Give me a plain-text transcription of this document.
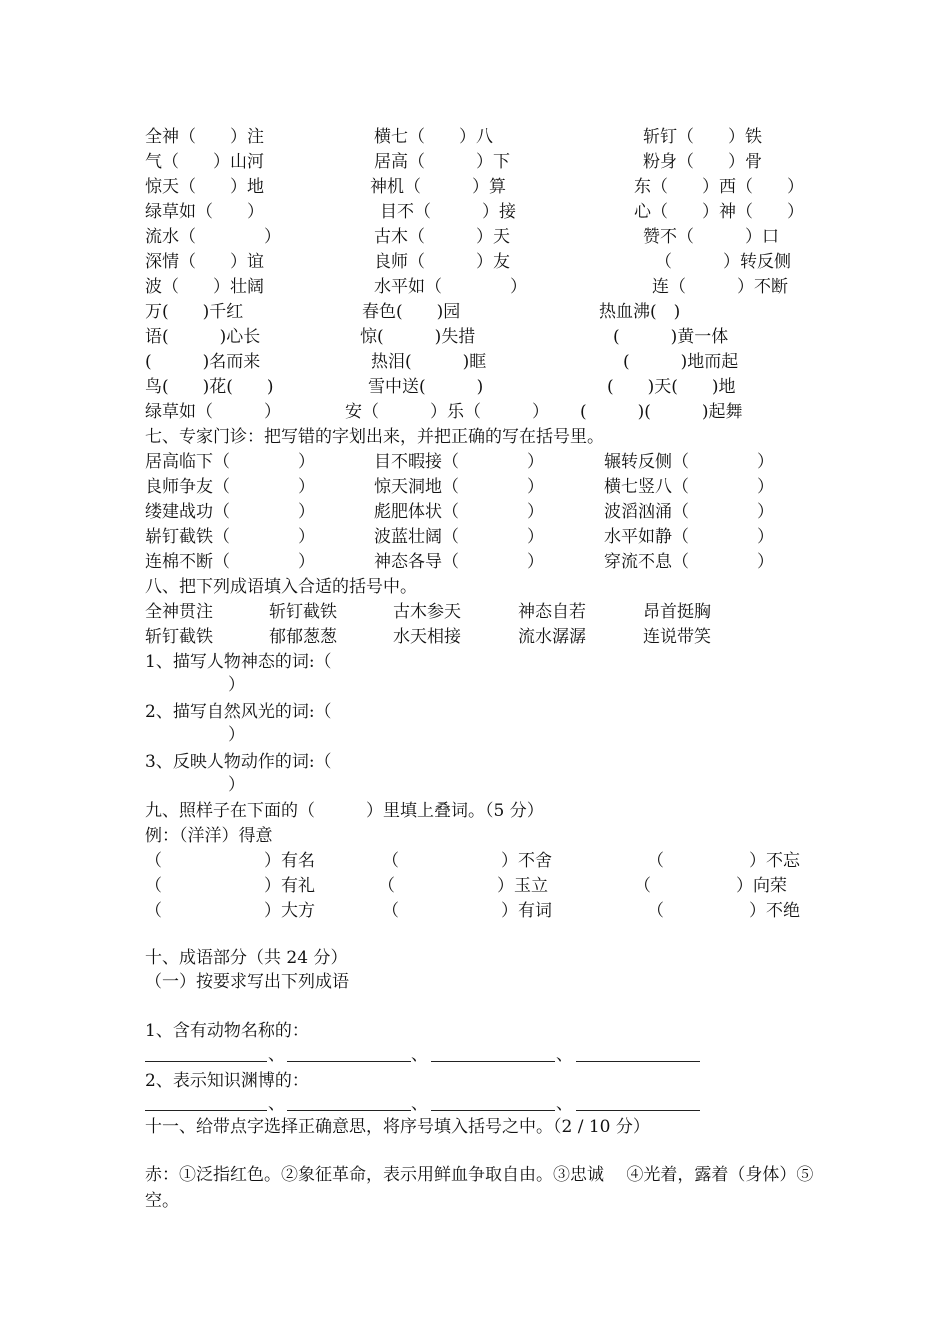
全神（　　）注	横七（　　）八	斩钉（　　）铁
气（　　）山河	居高（　　　）下	粉身（　　）骨
惊天（　　）地	神机（　　　）算	东（　　）西（　　）
绿草如（　　）	目不（　　　）接	心（　　）神（　　）
流水（　　　　）	古木（　　　）天	赞不（　　　）口
深情（　　）谊	良师（　　　）友	（　　　）转反侧
波（　　）壮阔	水平如（　　　　）	连（　　　）不断
万(　　)千红	春色(　　)园	热血沸(　)
语(　　　)心长	惊(　　　)失措	(　　　)黄一体
(　　　)名而来	热泪(　　　)眶	(　　　)地而起
鸟(　　)花(　　)	雪中送(　　　)	(　　)天(　　)地
绿草如（　　　）	安（　　　）乐（　　　） (　　　)(　　　)起舞
七、专家门诊：把写错的字划出来，并把正确的写在括号里。
居高临下（　　　　）	目不暇接（　　　　）	辗转反侧（　　　　）
良师争友（　　　　）	惊天洞地（　　　　）	横七竖八（　　　　）
缕建战功（　　　　）	彪肥体状（　　　　）	波滔汹涌（　　　　）
崭钉截铁（　　　　）	波蓝壮阔（　　　　）	水平如静（　　　　）
连棉不断（　　　　）	神态各导（　　　　）	穿流不息（　　　　）
八、把下列成语填入合适的括号中。
全神贯注	斩钉截铁	古木参天	神态自若	昂首挺胸
斩钉截铁	郁郁葱葱	水天相接	流水潺潺	连说带笑
1、描写人物神态的词:（
）
2、描写自然风光的词:（
）
3、反映人物动作的词:（
）
九、照样子在下面的（　　　）里填上叠词。（5 分）
例：（洋洋）得意
（　　　　　　）有名	（　　　　　　）不舍	（　　　　　）不忘
（　　　　　　）有礼	（　　　　　　）玉立	（　　　　　）向荣
（　　　　　　）大方	（　　　　　　）有词	（　　　　　）不绝
十、成语部分（共 24 分）
（一）按要求写出下列成语
1、含有动物名称的：
、	、	、
2、表示知识渊博的：
、	、	、
十一、给带点字选择正确意思，将序号填入括号之中。（2 / 10 分）
赤：①泛指红色。②象征革命，表示用鲜血争取自由。③忠诚　 ④光着，露着（身体）⑤空。
